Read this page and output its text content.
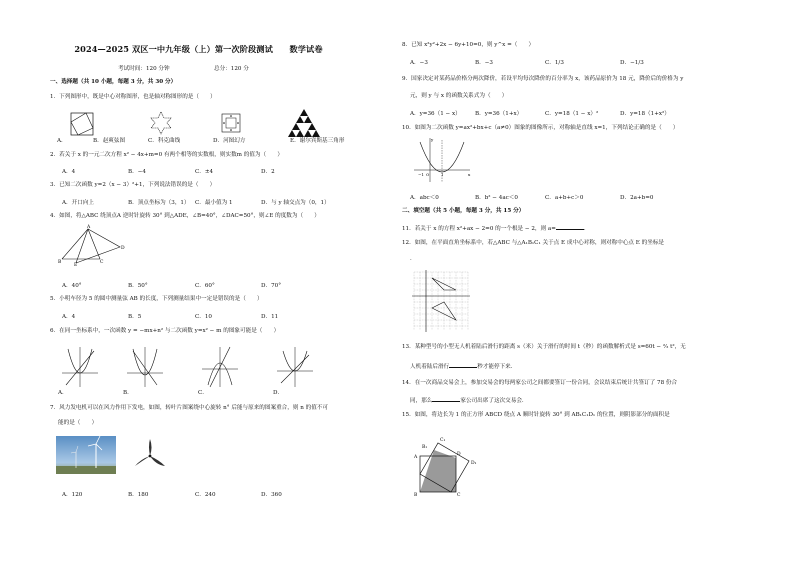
2024—2025 双区一中九年级（上）第一次阶段测试　　数学试卷
考试时间：120 分钟	总分：120 分
一、选择题（共 10 小题，每题 3 分，共 30 分）
1．下列图形中，既是中心对称图形，也是轴对称图形的是（　　）
A．	B．赵爽弦图	C．科克曲线	D．河图幻方	E．谢尔宾斯基三角形
2．若关于 x 的一元二次方程 x² − 4x+m=0 有两个相等的实数根，则实数m 的值为（　　）
A．4	B．−4	C．±4	D．2
3．已知二次函数 y=2（x − 3）²+1，下列说法错误的是（　　）
A．开口向上	B．顶点坐标为（3，1） C．最小值为 1	D．与 y 轴交点为（0，1）
4．如图，将△ABC 绕顶点A 逆时针旋转 30° 到△ADE，∠B=40°，∠DAC=50°，则∠E 的度数为（　　）
A
B	C
D
E
A．40°	B．50°	C．60°	D．70°
5．小明车径为 5 的圆中测量弦 AB 的长度，下列测量结果中一定是错误的是（　　）
A．4	B．5	C．10	D．11
6．在同一坐标系中，一次函数 y = −mx+n² 与二次函数 y=x² − m 的图象可能是（　　）
A．	B．	C．	D．
7．风力发电机可以在风力作用下发电，如图，转叶片图案绕中心旋转 n° 后能与原来的图案重合，则 n 的值不可
能的是（　　）
A．120	B．180	C．240	D．360
8．已知 x²y²+2x − 6y+10=0，则 y^x =（　　）
A．−3	B．−3	C．1/3	D．−1/3
9．国家决定对某药品价格分两次降价，若设平均每次降价的百分率为 x，该药品原价为 18 元，降价后的价格为 y
元，则 y 与 x 的函数关系式为（　　）
A．y=36（1 − x）	B．y=36（1+x）	C．y=18（1 − x）²	D．y=18（1+x²）
10．如图为二次函数 y=ax²+bx+c（a≠0）图象的图像所示，对称轴是直线 x=1，下列结论正确的是（　　）
O	1
−1	x
y
A．abc＜0	B．b² − 4ac＜0	C．a+b+c＞0	D．2a+b=0
二、填空题（共 5 小题，每题 3 分，共 15 分）
11．若关于 x 的方程 x²+ax − 2=0 的一个根是 − 2，则 a=	．
12．如图，在平面直角坐标系中，若△ABC 与△A₁B₁C₁ 关于点 E 成中心对称，则对称中心点 E 的坐标是
．
13．某种型号的小型无人机着陆后滑行的距离 s（米）关于滑行的时间 t（秒）的函数解析式是 s=60t − ²⁄₃ t²，无
人机着陆后滑行	秒才能停下来．
14．在一次商品交易会上，参加交易会的每两家公司之间都要签订一份合同，会议结束后统计共签订了 78 份合
同，那么	家公司出席了这次交易会．
15．如图，将边长为 1 的正方形 ABCD 绕点 A 顺时针旋转 30° 到 AB₁C₁D₁ 的位置，则阴影部分的面积是
A
B	C
D
B₁
C₁
D₁
